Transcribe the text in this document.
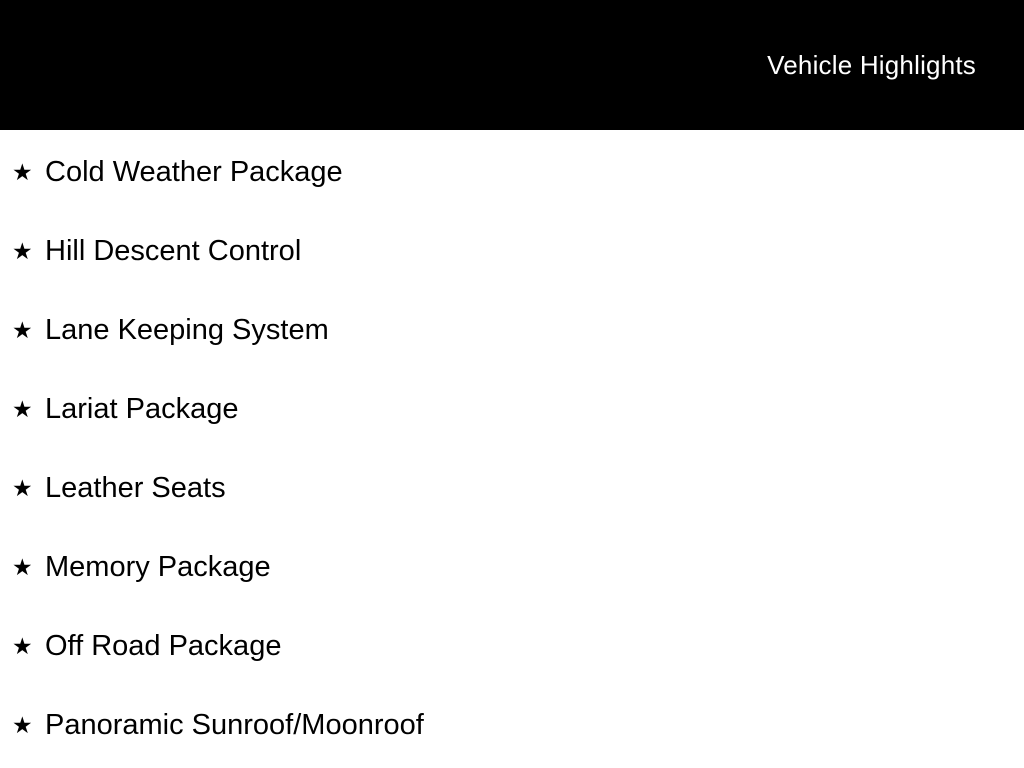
Vehicle Highlights
★ Cold Weather Package
★ Hill Descent Control
★ Lane Keeping System
★ Lariat Package
★ Leather Seats
★ Memory Package
★ Off Road Package
★ Panoramic Sunroof/Moonroof
